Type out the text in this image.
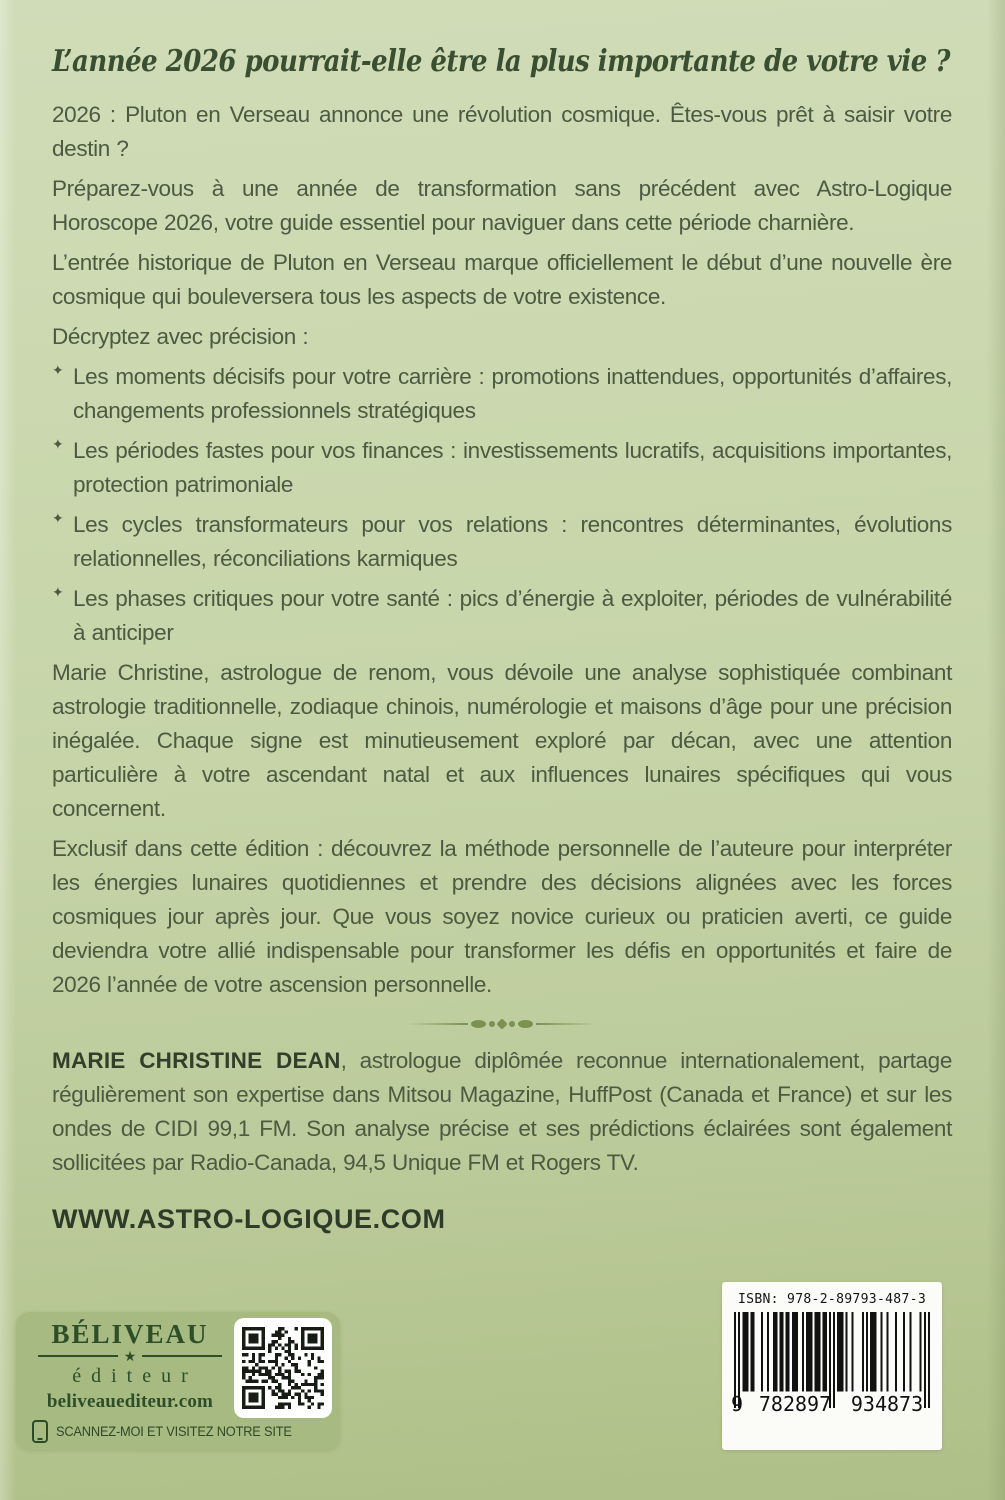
L’année 2026 pourrait-elle être la plus importante de votre vie ?
2026 : Pluton en Verseau annonce une révolution cosmique. Êtes-vous prêt à saisir votre destin ?
Préparez-vous à une année de transformation sans précédent avec Astro-Logique Horoscope 2026, votre guide essentiel pour naviguer dans cette période charnière.
L’entrée historique de Pluton en Verseau marque officiellement le début d’une nouvelle ère cosmique qui bouleversera tous les aspects de votre existence.
Décryptez avec précision :
✦ Les moments décisifs pour votre carrière : promotions inattendues, opportunités d’affaires, changements professionnels stratégiques
✦ Les périodes fastes pour vos finances : investissements lucratifs, acquisitions importantes, protection patrimoniale
✦ Les cycles transformateurs pour vos relations : rencontres déterminantes, évolutions relationnelles, réconciliations karmiques
✦ Les phases critiques pour votre santé : pics d’énergie à exploiter, périodes de vulnérabilité à anticiper
Marie Christine, astrologue de renom, vous dévoile une analyse sophistiquée combinant astrologie traditionnelle, zodiaque chinois, numérologie et maisons d’âge pour une précision inégalée. Chaque signe est minutieusement exploré par décan, avec une attention particulière à votre ascendant natal et aux influences lunaires spécifiques qui vous concernent.
Exclusif dans cette édition : découvrez la méthode personnelle de l’auteure pour interpréter les énergies lunaires quotidiennes et prendre des décisions alignées avec les forces cosmiques jour après jour. Que vous soyez novice curieux ou praticien averti, ce guide deviendra votre allié indispensable pour transformer les défis en opportunités et faire de 2026 l’année de votre ascension personnelle.

MARIE CHRISTINE DEAN, astrologue diplômée reconnue internationalement, partage régulièrement son expertise dans Mitsou Magazine, HuffPost (Canada et France) et sur les ondes de CIDI 99,1 FM. Son analyse précise et ses prédictions éclairées sont également sollicitées par Radio-Canada, 94,5 Unique FM et Rogers TV.

WWW.ASTRO-LOGIQUE.COM

BÉLIVEAU
★
éditeur
beliveauediteur.com
SCANNEZ-MOI ET VISITEZ NOTRE SITE
ISBN: 978-2-89793-487-3
9 782897 934873
